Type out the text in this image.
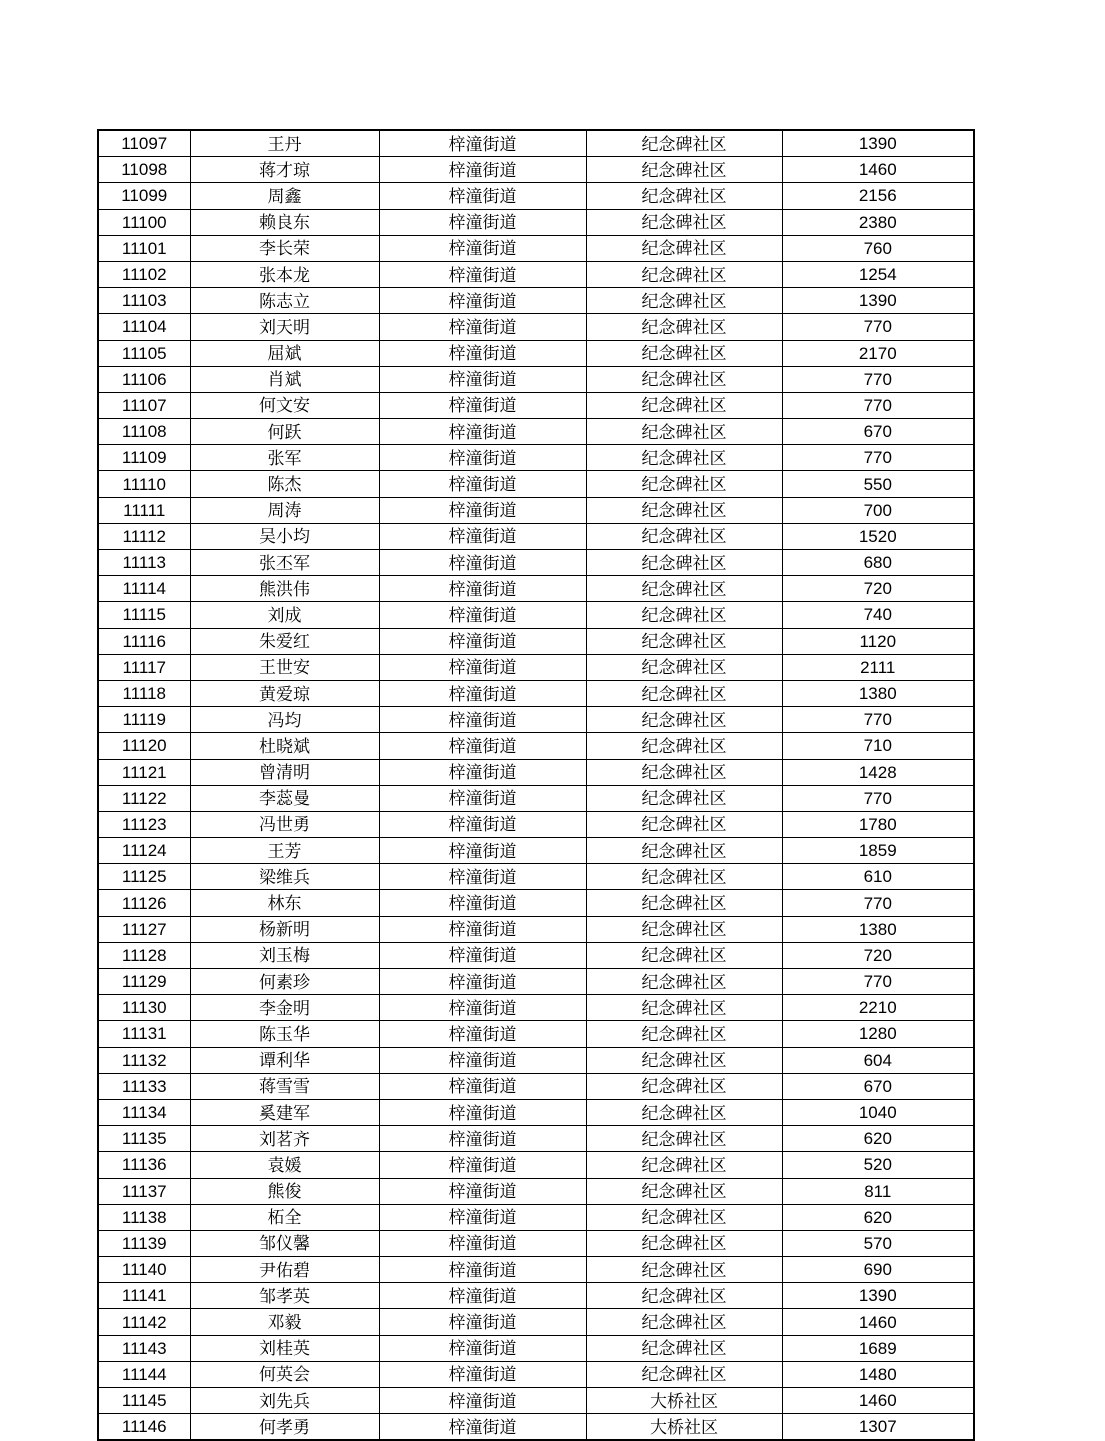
11097	王丹	梓潼街道	纪念碑社区	1390
11098	蒋才琼	梓潼街道	纪念碑社区	1460
11099	周鑫	梓潼街道	纪念碑社区	2156
11100	赖良东	梓潼街道	纪念碑社区	2380
11101	李长荣	梓潼街道	纪念碑社区	760
11102	张本龙	梓潼街道	纪念碑社区	1254
11103	陈志立	梓潼街道	纪念碑社区	1390
11104	刘天明	梓潼街道	纪念碑社区	770
11105	屈斌	梓潼街道	纪念碑社区	2170
11106	肖斌	梓潼街道	纪念碑社区	770
11107	何文安	梓潼街道	纪念碑社区	770
11108	何跃	梓潼街道	纪念碑社区	670
11109	张军	梓潼街道	纪念碑社区	770
11110	陈杰	梓潼街道	纪念碑社区	550
11111	周涛	梓潼街道	纪念碑社区	700
11112	吴小均	梓潼街道	纪念碑社区	1520
11113	张丕军	梓潼街道	纪念碑社区	680
11114	熊洪伟	梓潼街道	纪念碑社区	720
11115	刘成	梓潼街道	纪念碑社区	740
11116	朱爱红	梓潼街道	纪念碑社区	1120
11117	王世安	梓潼街道	纪念碑社区	2111
11118	黄爱琼	梓潼街道	纪念碑社区	1380
11119	冯均	梓潼街道	纪念碑社区	770
11120	杜晓斌	梓潼街道	纪念碑社区	710
11121	曾清明	梓潼街道	纪念碑社区	1428
11122	李蕊曼	梓潼街道	纪念碑社区	770
11123	冯世勇	梓潼街道	纪念碑社区	1780
11124	王芳	梓潼街道	纪念碑社区	1859
11125	梁维兵	梓潼街道	纪念碑社区	610
11126	林东	梓潼街道	纪念碑社区	770
11127	杨新明	梓潼街道	纪念碑社区	1380
11128	刘玉梅	梓潼街道	纪念碑社区	720
11129	何素珍	梓潼街道	纪念碑社区	770
11130	李金明	梓潼街道	纪念碑社区	2210
11131	陈玉华	梓潼街道	纪念碑社区	1280
11132	谭利华	梓潼街道	纪念碑社区	604
11133	蒋雪雪	梓潼街道	纪念碑社区	670
11134	奚建军	梓潼街道	纪念碑社区	1040
11135	刘茗齐	梓潼街道	纪念碑社区	620
11136	袁媛	梓潼街道	纪念碑社区	520
11137	熊俊	梓潼街道	纪念碑社区	811
11138	柘全	梓潼街道	纪念碑社区	620
11139	邹仪馨	梓潼街道	纪念碑社区	570
11140	尹佑碧	梓潼街道	纪念碑社区	690
11141	邹孝英	梓潼街道	纪念碑社区	1390
11142	邓毅	梓潼街道	纪念碑社区	1460
11143	刘桂英	梓潼街道	纪念碑社区	1689
11144	何英会	梓潼街道	纪念碑社区	1480
11145	刘先兵	梓潼街道	大桥社区	1460
11146	何孝勇	梓潼街道	大桥社区	1307
